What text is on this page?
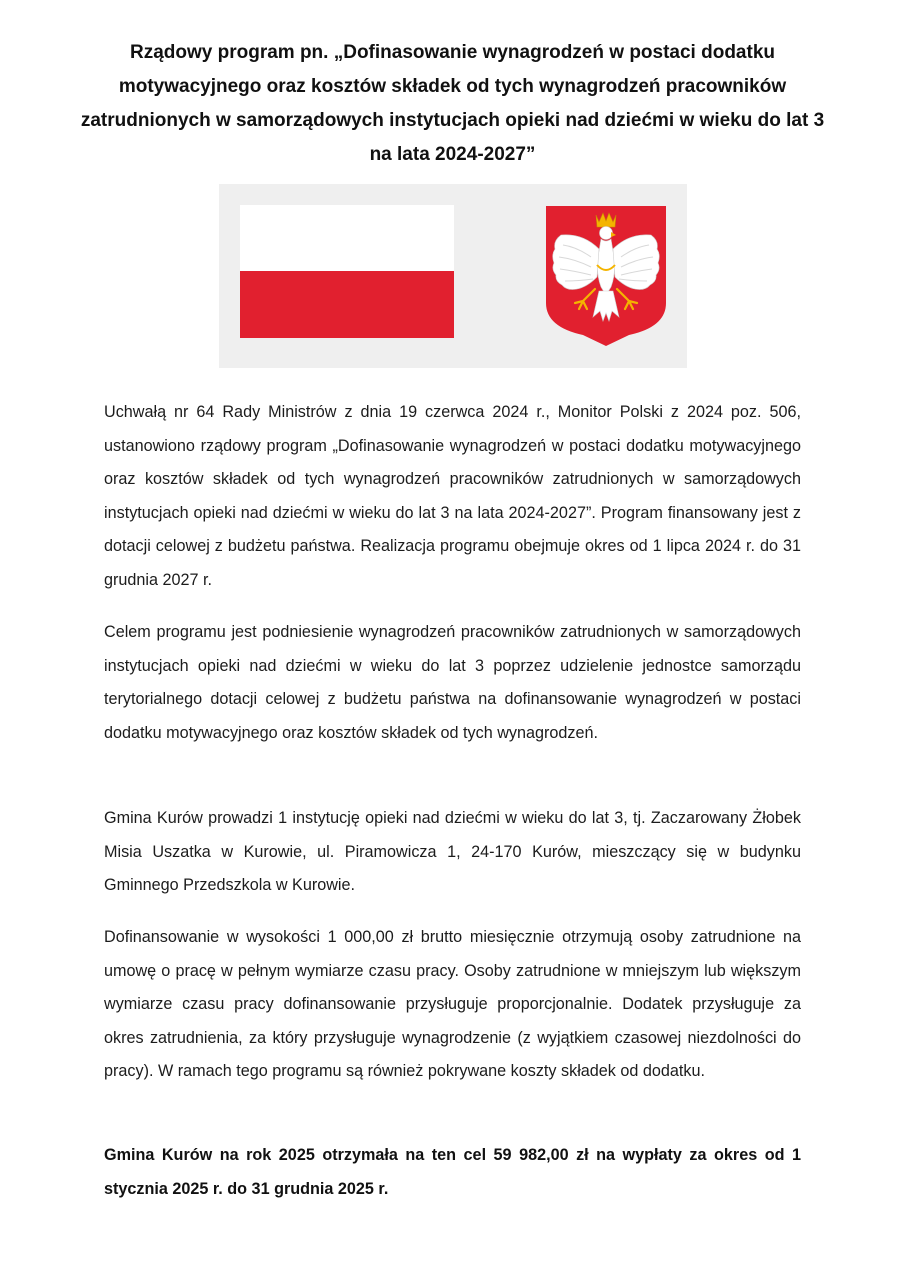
Rządowy program pn. „Dofinasowanie wynagrodzeń w postaci dodatku motywacyjnego oraz kosztów składek od tych wynagrodzeń pracowników zatrudnionych w samorządowych instytucjach opieki nad dziećmi w wieku do lat 3 na lata 2024-2027”

Uchwałą nr 64 Rady Ministrów z dnia 19 czerwca 2024 r., Monitor Polski z 2024 poz. 506, ustanowiono rządowy program „Dofinasowanie wynagrodzeń w postaci dodatku motywacyjnego oraz kosztów składek od tych wynagrodzeń pracowników zatrudnionych w samorządowych instytucjach opieki nad dziećmi w wieku do lat 3 na lata 2024-2027”. Program finansowany jest z dotacji celowej z budżetu państwa. Realizacja programu obejmuje okres od 1 lipca 2024 r. do 31 grudnia 2027 r.

Celem programu jest podniesienie wynagrodzeń pracowników zatrudnionych w samorządowych instytucjach opieki nad dziećmi w wieku do lat 3 poprzez udzielenie jednostce samorządu terytorialnego dotacji celowej z budżetu państwa na dofinansowanie wynagrodzeń w postaci dodatku motywacyjnego oraz kosztów składek od tych wynagrodzeń.

Gmina Kurów prowadzi 1 instytucję opieki nad dziećmi w wieku do lat 3, tj. Zaczarowany Żłobek Misia Uszatka w Kurowie, ul. Piramowicza 1, 24-170 Kurów, mieszczący się w budynku Gminnego Przedszkola w Kurowie.

Dofinansowanie w wysokości 1 000,00 zł brutto miesięcznie otrzymują osoby zatrudnione na umowę o pracę w pełnym wymiarze czasu pracy. Osoby zatrudnione w mniejszym lub większym wymiarze czasu pracy dofinansowanie przysługuje proporcjonalnie. Dodatek przysługuje za okres zatrudnienia, za który przysługuje wynagrodzenie (z wyjątkiem czasowej niezdolności do pracy). W ramach tego programu są również pokrywane koszty składek od dodatku.

Gmina Kurów na rok 2025 otrzymała na ten cel 59 982,00 zł na wypłaty za okres od 1 stycznia 2025 r. do 31 grudnia 2025 r.
